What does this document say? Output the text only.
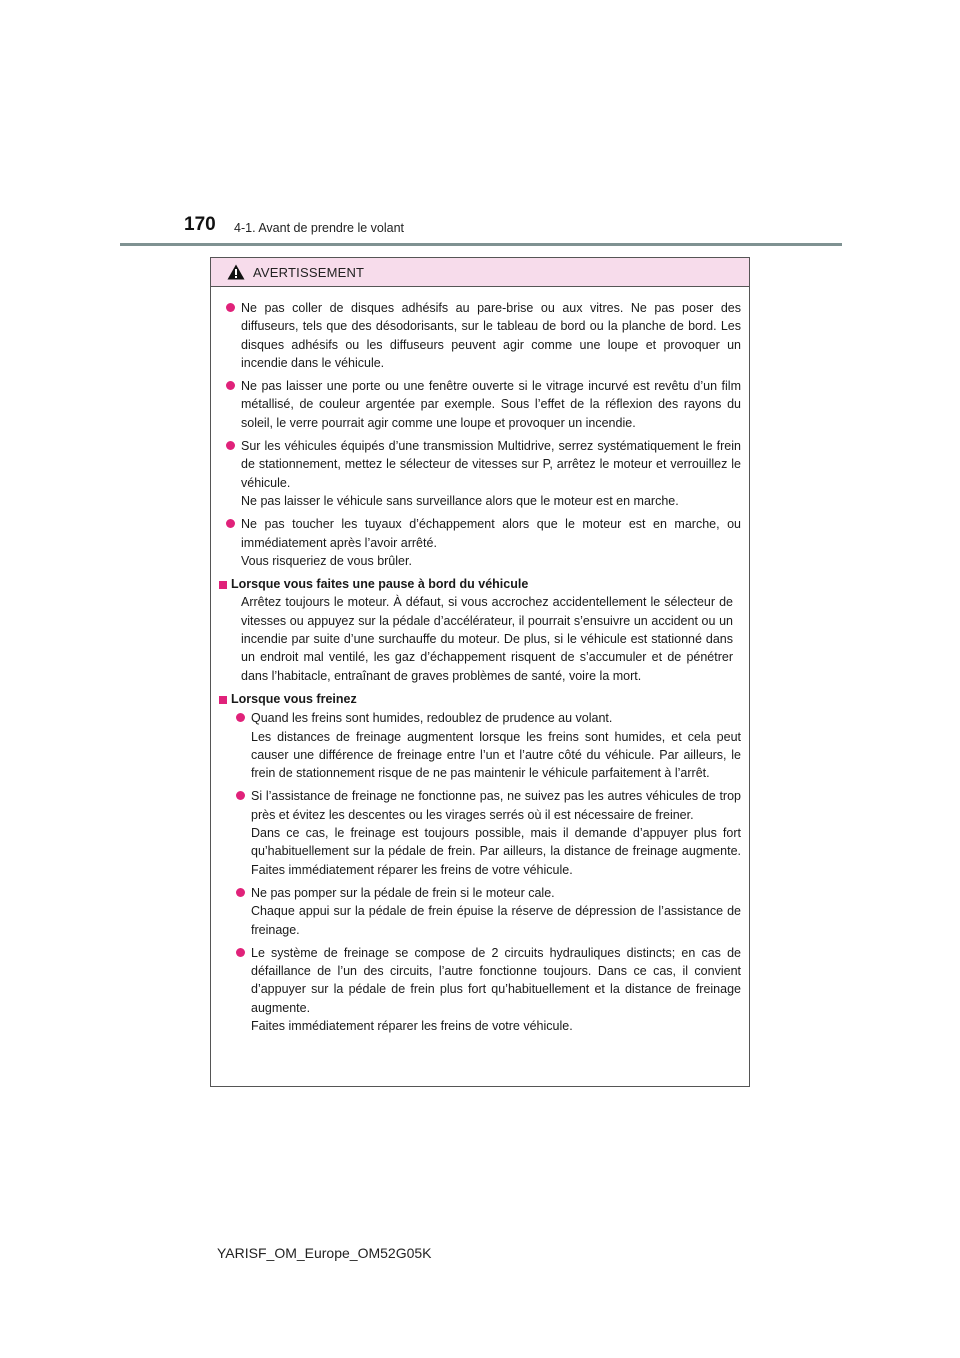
170 4-1. Avant de prendre le volant
AVERTISSEMENT

Ne pas coller de disques adhésifs au pare-brise ou aux vitres. Ne pas poser des diffuseurs, tels que des désodorisants, sur le tableau de bord ou la planche de bord. Les disques adhésifs ou les diffuseurs peuvent agir comme une loupe et provoquer un incendie dans le véhicule.

Ne pas laisser une porte ou une fenêtre ouverte si le vitrage incurvé est revêtu d’un film métallisé, de couleur argentée par exemple. Sous l’effet de la réflexion des rayons du soleil, le verre pourrait agir comme une loupe et provoquer un incendie.

Sur les véhicules équipés d’une transmission Multidrive, serrez systématiquement le frein de stationnement, mettez le sélecteur de vitesses sur P, arrêtez le moteur et verrouillez le véhicule.

Ne pas laisser le véhicule sans surveillance alors que le moteur est en marche.

Ne pas toucher les tuyaux d’échappement alors que le moteur est en marche, ou immédiatement après l’avoir arrêté.

Vous risqueriez de vous brûler.

Lorsque vous faites une pause à bord du véhicule
Arrêtez toujours le moteur. À défaut, si vous accrochez accidentellement le sélecteur de vitesses ou appuyez sur la pédale d’accélérateur, il pourrait s’ensuivre un accident ou un incendie par suite d’une surchauffe du moteur. De plus, si le véhicule est stationné dans un endroit mal ventilé, les gaz d’échappement risquent de s’accumuler et de pénétrer dans l’habitacle, entraînant de graves problèmes de santé, voire la mort.
Lorsque vous freinez

Quand les freins sont humides, redoublez de prudence au volant.

Les distances de freinage augmentent lorsque les freins sont humides, et cela peut causer une différence de freinage entre l’un et l’autre côté du véhicule. Par ailleurs, le frein de stationnement risque de ne pas maintenir le véhicule parfaitement à l’arrêt.

Si l’assistance de freinage ne fonctionne pas, ne suivez pas les autres véhicules de trop près et évitez les descentes ou les virages serrés où il est nécessaire de freiner.

Dans ce cas, le freinage est toujours possible, mais il demande d’appuyer plus fort qu’habituellement sur la pédale de frein. Par ailleurs, la distance de freinage augmente. Faites immédiatement réparer les freins de votre véhicule.

Ne pas pomper sur la pédale de frein si le moteur cale.

Chaque appui sur la pédale de frein épuise la réserve de dépression de l’assistance de freinage.

Le système de freinage se compose de 2 circuits hydrauliques distincts; en cas de défaillance de l’un des circuits, l’autre fonctionne toujours. Dans ce cas, il convient d’appuyer sur la pédale de frein plus fort qu’habituellement et la distance de freinage augmente.

Faites immédiatement réparer les freins de votre véhicule.

YARISF_OM_Europe_OM52G05K
